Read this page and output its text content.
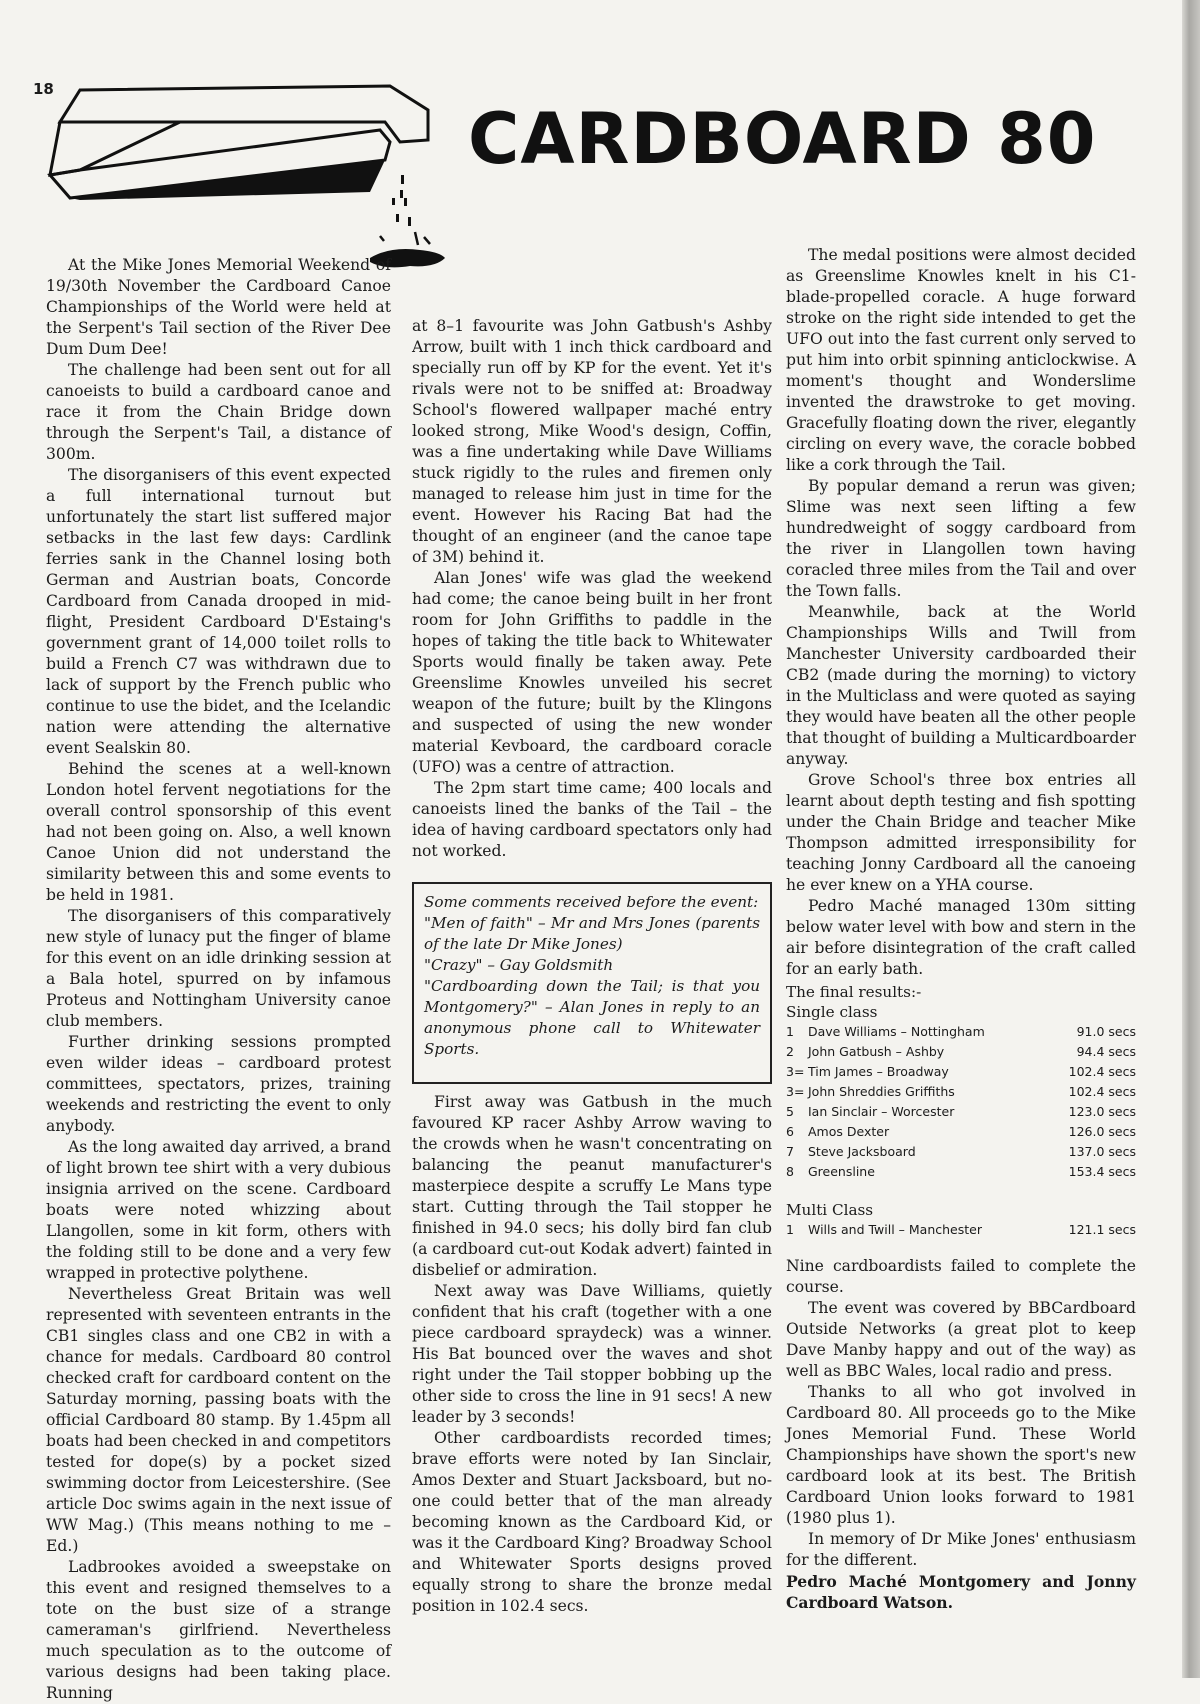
18
CARDBOARD 80

At the Mike Jones Memorial Weekend of 19/30th November the Cardboard Canoe Championships of the World were held at the Serpent's Tail section of the River Dee Dum Dum Dee!

The challenge had been sent out for all canoeists to build a cardboard canoe and race it from the Chain Bridge down through the Serpent's Tail, a distance of 300m.

The disorganisers of this event expected a full international turnout but unfortunately the start list suffered major setbacks in the last few days: Cardlink ferries sank in the Channel losing both German and Austrian boats, Concorde Cardboard from Canada drooped in mid-flight, President Cardboard D'Estaing's government grant of 14,000 toilet rolls to build a French C7 was withdrawn due to lack of support by the French public who continue to use the bidet, and the Icelandic nation were attending the alternative event Sealskin 80.

Behind the scenes at a well-known London hotel fervent negotiations for the overall control sponsorship of this event had not been going on. Also, a well known Canoe Union did not understand the similarity between this and some events to be held in 1981.

The disorganisers of this comparatively new style of lunacy put the finger of blame for this event on an idle drinking session at a Bala hotel, spurred on by infamous Proteus and Nottingham University canoe club members.

Further drinking sessions prompted even wilder ideas – cardboard protest committees, spectators, prizes, training weekends and restricting the event to only anybody.

As the long awaited day arrived, a brand of light brown tee shirt with a very dubious insignia arrived on the scene. Cardboard boats were noted whizzing about Llangollen, some in kit form, others with the folding still to be done and a very few wrapped in protective polythene.

Nevertheless Great Britain was well represented with seventeen entrants in the CB1 singles class and one CB2 in with a chance for medals. Cardboard 80 control checked craft for cardboard content on the Saturday morning, passing boats with the official Cardboard 80 stamp. By 1.45pm all boats had been checked in and competitors tested for dope(s) by a pocket sized swimming doctor from Leicestershire. (See article Doc swims again in the next issue of WW Mag.) (This means nothing to me – Ed.)

Ladbrookes avoided a sweepstake on this event and resigned themselves to a tote on the bust size of a strange cameraman's girlfriend. Nevertheless much speculation as to the outcome of various designs had been taking place. Running

at 8–1 favourite was John Gatbush's Ashby Arrow, built with 1 inch thick cardboard and specially run off by KP for the event. Yet it's rivals were not to be sniffed at: Broadway School's flowered wallpaper maché entry looked strong, Mike Wood's design, Coffin, was a fine undertaking while Dave Williams stuck rigidly to the rules and firemen only managed to release him just in time for the event. However his Racing Bat had the thought of an engineer (and the canoe tape of 3M) behind it.

Alan Jones' wife was glad the weekend had come; the canoe being built in her front room for John Griffiths to paddle in the hopes of taking the title back to Whitewater Sports would finally be taken away. Pete Greenslime Knowles unveiled his secret weapon of the future; built by the Klingons and suspected of using the new wonder material Kevboard, the cardboard coracle (UFO) was a centre of attraction.

The 2pm start time came; 400 locals and canoeists lined the banks of the Tail – the idea of having cardboard spectators only had not worked.

Some comments received before the event:
"Men of faith" – Mr and Mrs Jones (parents of the late Dr Mike Jones)
"Crazy" – Gay Goldsmith
"Cardboarding down the Tail; is that you Montgomery?" – Alan Jones in reply to an anonymous phone call to Whitewater Sports.

First away was Gatbush in the much favoured KP racer Ashby Arrow waving to the crowds when he wasn't concentrating on balancing the peanut manufacturer's masterpiece despite a scruffy Le Mans type start. Cutting through the Tail stopper he finished in 94.0 secs; his dolly bird fan club (a cardboard cut-out Kodak advert) fainted in disbelief or admiration.

Next away was Dave Williams, quietly confident that his craft (together with a one piece cardboard spraydeck) was a winner. His Bat bounced over the waves and shot right under the Tail stopper bobbing up the other side to cross the line in 91 secs! A new leader by 3 seconds!

Other cardboardists recorded times; brave efforts were noted by Ian Sinclair, Amos Dexter and Stuart Jacksboard, but no-one could better that of the man already becoming known as the Cardboard Kid, or was it the Cardboard King? Broadway School and Whitewater Sports designs proved equally strong to share the bronze medal position in 102.4 secs.

The medal positions were almost decided as Greenslime Knowles knelt in his C1-blade-propelled coracle. A huge forward stroke on the right side intended to get the UFO out into the fast current only served to put him into orbit spinning anticlockwise. A moment's thought and Wonderslime invented the drawstroke to get moving. Gracefully floating down the river, elegantly circling on every wave, the coracle bobbed like a cork through the Tail.

By popular demand a rerun was given; Slime was next seen lifting a few hundredweight of soggy cardboard from the river in Llangollen town having coracled three miles from the Tail and over the Town falls.

Meanwhile, back at the World Championships Wills and Twill from Manchester University cardboarded their CB2 (made during the morning) to victory in the Multiclass and were quoted as saying they would have beaten all the other people that thought of building a Multicardboarder anyway.

Grove School's three box entries all learnt about depth testing and fish spotting under the Chain Bridge and teacher Mike Thompson admitted irresponsibility for teaching Jonny Cardboard all the canoeing he ever knew on a YHA course.

Pedro Maché managed 130m sitting below water level with bow and stern in the air before disintegration of the craft called for an early bath.

The final results:-
Single class
1 Dave Williams – Nottingham	91.0 secs
2 John Gatbush – Ashby	94.4 secs
3= Tim James – Broadway	102.4 secs
3= John Shreddies Griffiths	102.4 secs
5 Ian Sinclair – Worcester	123.0 secs
6 Amos Dexter	126.0 secs
7 Steve Jacksboard	137.0 secs
8 Greensline	153.4 secs
Multi Class
1 Wills and Twill – Manchester	121.1 secs

Nine cardboardists failed to complete the course.

The event was covered by BBCardboard Outside Networks (a great plot to keep Dave Manby happy and out of the way) as well as BBC Wales, local radio and press.

Thanks to all who got involved in Cardboard 80. All proceeds go to the Mike Jones Memorial Fund. These World Championships have shown the sport's new cardboard look at its best. The British Cardboard Union looks forward to 1981 (1980 plus 1).

In memory of Dr Mike Jones' enthusiasm for the different.

Pedro Maché Montgomery and Jonny Cardboard Watson.
